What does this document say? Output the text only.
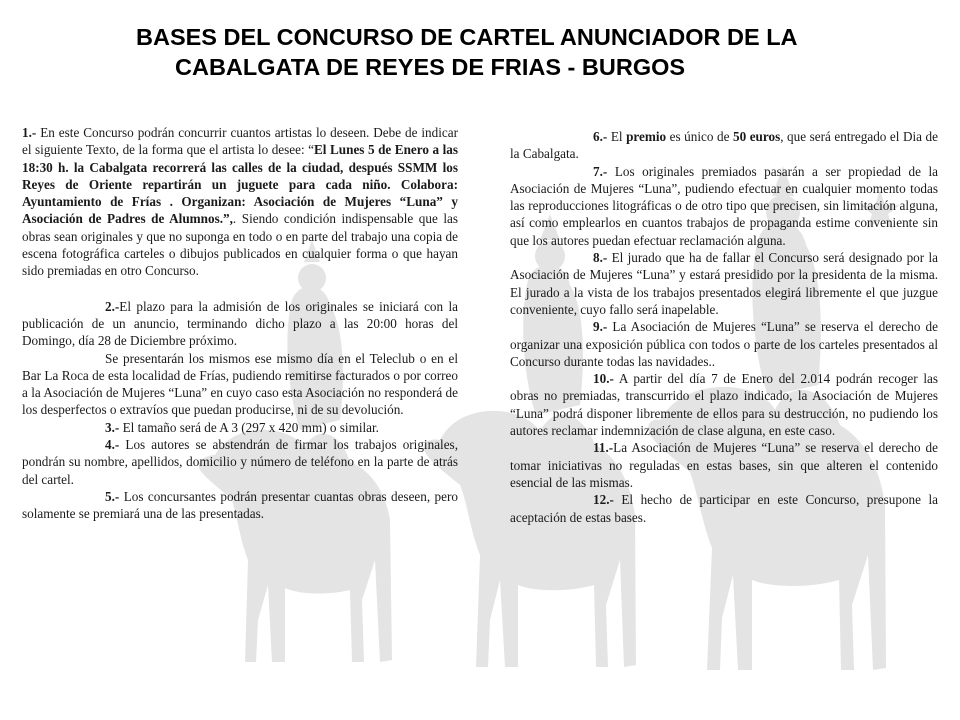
BASES DEL CONCURSO DE CARTEL ANUNCIADOR DE LA
CABALGATA DE REYES DE FRIAS - BURGOS

1.- En este Concurso podrán concurrir cuantos artistas lo deseen. Debe de indicar el siguiente Texto, de la forma que el artista lo desee: “El Lunes 5 de Enero a las 18:30 h. la Cabalgata recorrerá las calles de la ciudad, después SSMM los Reyes de Oriente repartirán un juguete para cada niño. Colabora: Ayuntamiento de Frías . Organizan: Asociación de Mujeres “Luna” y Asociación de Padres de Alumnos.”,. Siendo condición indispensable que las obras sean originales y que no suponga en todo o en parte del trabajo una copia de escena fotográfica carteles o dibujos publicados en cualquier forma o que hayan sido premiadas en otro Concurso.

2.-El plazo para la admisión de los originales se iniciará con la publicación de un anuncio, terminando dicho plazo a las 20:00 horas del Domingo, día 28 de Diciembre próximo.

Se presentarán los mismos ese mismo día en el Teleclub o en el Bar La Roca de esta localidad de Frías, pudiendo remitirse facturados o por correo a la Asociación de Mujeres “Luna” en cuyo caso esta Asociación no responderá de los desperfectos o extravíos que puedan producirse, ni de su devolución.

3.- El tamaño será de A 3 (297 x 420 mm) o similar.

4.- Los autores se abstendrán de firmar los trabajos originales, pondrán su nombre, apellidos, domicilio y número de teléfono en la parte de atrás del cartel.

5.- Los concursantes podrán presentar cuantas obras deseen, pero solamente se premiará una de las presentadas.

6.- El premio es único de 50 euros, que será entregado el Dia de la Cabalgata.

7.- Los originales premiados pasarán a ser propiedad de la Asociación de Mujeres “Luna”, pudiendo efectuar en cualquier momento todas las reproducciones litográficas o de otro tipo que precisen, sin limitación alguna, así como emplearlos en cuantos trabajos de propaganda estime conveniente sin que los autores puedan efectuar reclamación alguna.

8.- El jurado que ha de fallar el Concurso será designado por la Asociación de Mujeres “Luna” y estará presidido por la presidenta de la misma. El jurado a la vista de los trabajos presentados elegirá libremente el que juzgue conveniente, cuyo fallo será inapelable.

9.- La Asociación de Mujeres “Luna” se reserva el derecho de organizar una exposición pública con todos o parte de los carteles presentados al Concurso durante todas las navidades..

10.- A partir del día 7 de Enero del 2.014 podrán recoger las obras no premiadas, transcurrido el plazo indicado, la Asociación de Mujeres “Luna” podrá disponer libremente de ellos para su destrucción, no pudiendo los autores reclamar indemnización de clase alguna, en este caso.

11.-La Asociación de Mujeres “Luna” se reserva el derecho de tomar iniciativas no reguladas en estas bases, sin que alteren el contenido esencial de las mismas.

12.- El hecho de participar en este Concurso, presupone la aceptación de estas bases.
